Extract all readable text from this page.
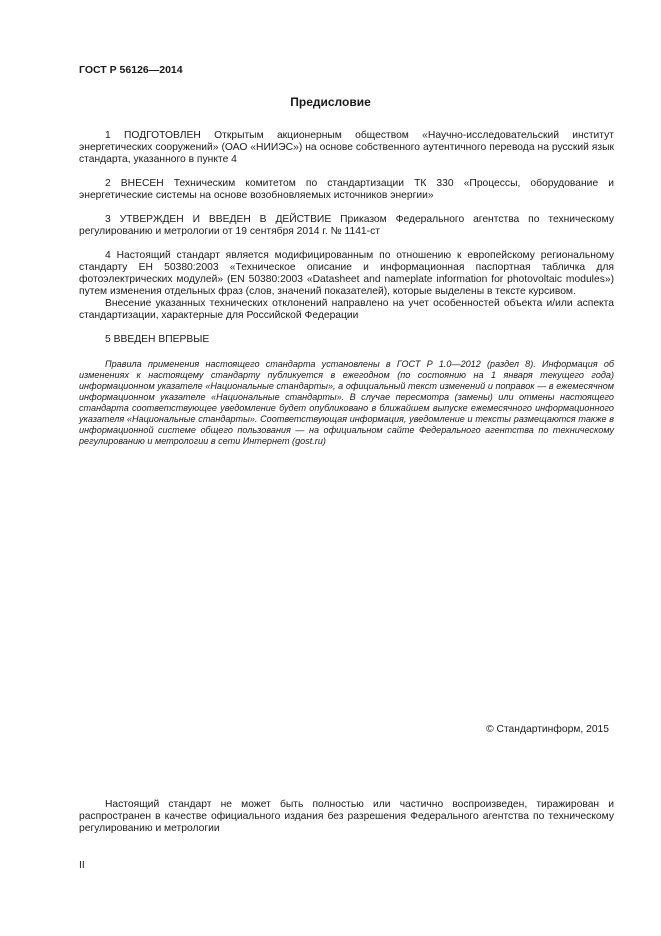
ГОСТ Р 56126—2014
Предисловие

1 ПОДГОТОВЛЕН Открытым акционерным обществом «Научно-исследовательский институт энергетических сооружений» (ОАО «НИИЭС») на основе собственного аутентичного перевода на русский язык стандарта, указанного в пункте 4

2 ВНЕСЕН Техническим комитетом по стандартизации ТК 330 «Процессы, оборудование и энергетические системы на основе возобновляемых источников энергии»

3 УТВЕРЖДЕН И ВВЕДЕН В ДЕЙСТВИЕ Приказом Федерального агентства по техническому регулированию и метрологии от 19 сентября 2014 г. № 1141-ст

4 Настоящий стандарт является модифицированным по отношению к европейскому региональному стандарту ЕН 50380:2003 «Техническое описание и информационная паспортная табличка для фотоэлектрических модулей» (EN 50380:2003 «Datasheet and nameplate information for photovoltaic modules») путем изменения отдельных фраз (слов, значений показателей), которые выделены в тексте курсивом.

Внесение указанных технических отклонений направлено на учет особенностей объекта и/или аспекта стандартизации, характерные для Российской Федерации

5 ВВЕДЕН ВПЕРВЫЕ

Правила применения настоящего стандарта установлены в ГОСТ Р 1.0—2012 (раздел 8). Информация об изменениях к настоящему стандарту публикуется в ежегодном (по состоянию на 1 января текущего года) информационном указателе «Национальные стандарты», а официальный текст изменений и поправок — в ежемесячном информационном указателе «Национальные стандарты». В случае пересмотра (замены) или отмены настоящего стандарта соответствующее уведомление будет опубликовано в ближайшем выпуске ежемесячного информационного указателя «Национальные стандарты». Соответствующая информация, уведомление и тексты размещаются также в информационной системе общего пользования — на официальном сайте Федерального агентства по техническому регулированию и метрологии в сети Интернет (gost.ru)

© Стандартинформ, 2015

Настоящий стандарт не может быть полностью или частично воспроизведен, тиражирован и распространен в качестве официального издания без разрешения Федерального агентства по техническому регулированию и метрологии

II
